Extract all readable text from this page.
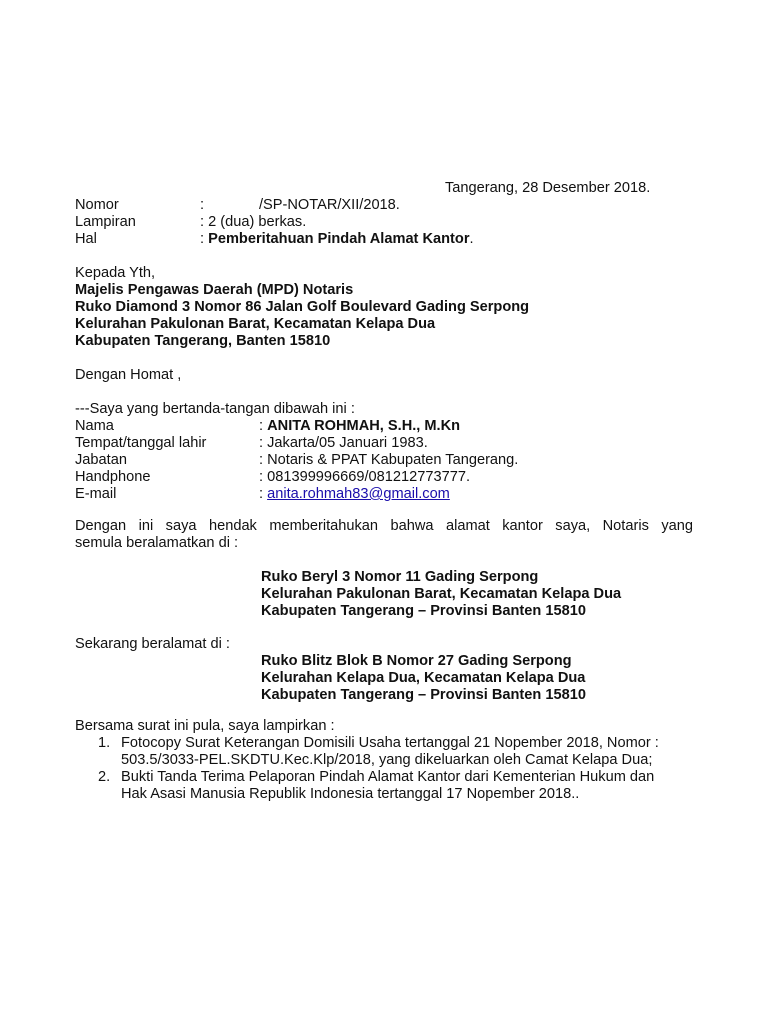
Tangerang, 28 Desember 2018.
Nomor	:	/SP-NOTAR/XII/2018.
Lampiran	: 2 (dua) berkas.
Hal	: Pemberitahuan Pindah Alamat Kantor.
Kepada Yth,
Majelis Pengawas Daerah (MPD) Notaris
Ruko Diamond 3 Nomor 86 Jalan Golf Boulevard Gading Serpong
Kelurahan Pakulonan Barat, Kecamatan Kelapa Dua
Kabupaten Tangerang, Banten 15810
Dengan Homat ,
---Saya yang bertanda-tangan dibawah ini :
Nama	: ANITA ROHMAH, S.H., M.Kn
Tempat/tanggal lahir	: Jakarta/05 Januari 1983.
Jabatan	: Notaris & PPAT Kabupaten Tangerang.
Handphone	: 081399996669/081212773777.
E-mail	: anita.rohmah83@gmail.com
Dengan ini saya hendak memberitahukan bahwa alamat kantor saya, Notaris yang
semula beralamatkan di :
Ruko Beryl 3 Nomor 11 Gading Serpong
Kelurahan Pakulonan Barat, Kecamatan Kelapa Dua
Kabupaten Tangerang – Provinsi Banten 15810
Sekarang beralamat di :
Ruko Blitz Blok B Nomor 27 Gading Serpong
Kelurahan Kelapa Dua, Kecamatan Kelapa Dua
Kabupaten Tangerang – Provinsi Banten 15810
Bersama surat ini pula, saya lampirkan :
1. Fotocopy Surat Keterangan Domisili Usaha tertanggal 21 Nopember 2018, Nomor :
503.5/3033-PEL.SKDTU.Kec.Klp/2018, yang dikeluarkan oleh Camat Kelapa Dua;
2. Bukti Tanda Terima Pelaporan Pindah Alamat Kantor dari Kementerian Hukum dan
Hak Asasi Manusia Republik Indonesia tertanggal 17 Nopember 2018..
